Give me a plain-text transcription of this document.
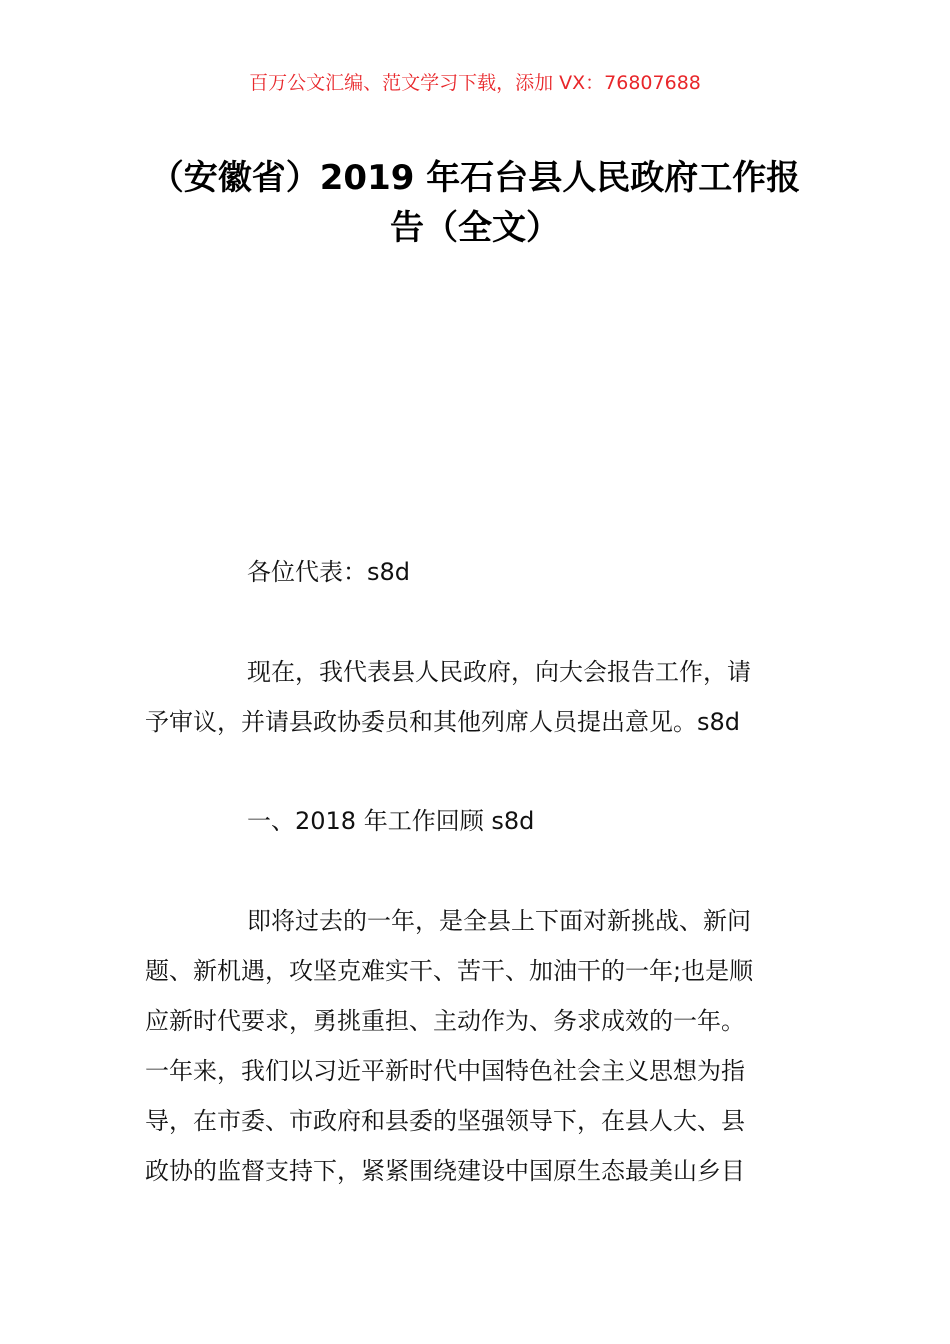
百万公文汇编、范文学习下载，添加 VX：76807688
（安徽省）2019 年石台县人民政府工作报
告（全文）
各位代表：s8d
现在，我代表县人民政府，向大会报告工作，请
予审议，并请县政协委员和其他列席人员提出意见。s8d
一、2018 年工作回顾 s8d
即将过去的一年，是全县上下面对新挑战、新问
题、新机遇，攻坚克难实干、苦干、加油干的一年;也是顺
应新时代要求，勇挑重担、主动作为、务求成效的一年。
一年来，我们以习近平新时代中国特色社会主义思想为指
导，在市委、市政府和县委的坚强领导下，在县人大、县
政协的监督支持下，紧紧围绕建设中国原生态最美山乡目
